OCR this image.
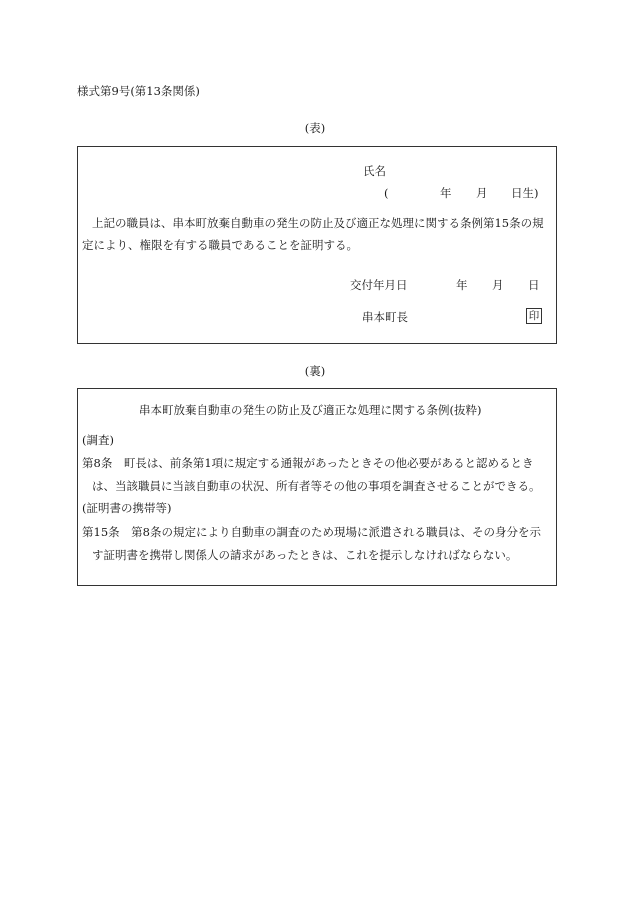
様式第9号(第13条関係)
(表)
氏名
(	年 月 日生)
上記の職員は、串本町放棄自動車の発生の防止及び適正な処理に関する条例第15条の規
定により、権限を有する職員であることを証明する。
交付年月日	年 月 日
串本町長	印
(裏)
串本町放棄自動車の発生の防止及び適正な処理に関する条例(抜粋)
(調査)
第8条　町長は、前条第1項に規定する通報があったときその他必要があると認めるとき
は、当該職員に当該自動車の状況、所有者等その他の事項を調査させることができる。
(証明書の携帯等)
第15条　第8条の規定により自動車の調査のため現場に派遣される職員は、その身分を示
す証明書を携帯し関係人の請求があったときは、これを提示しなければならない。
